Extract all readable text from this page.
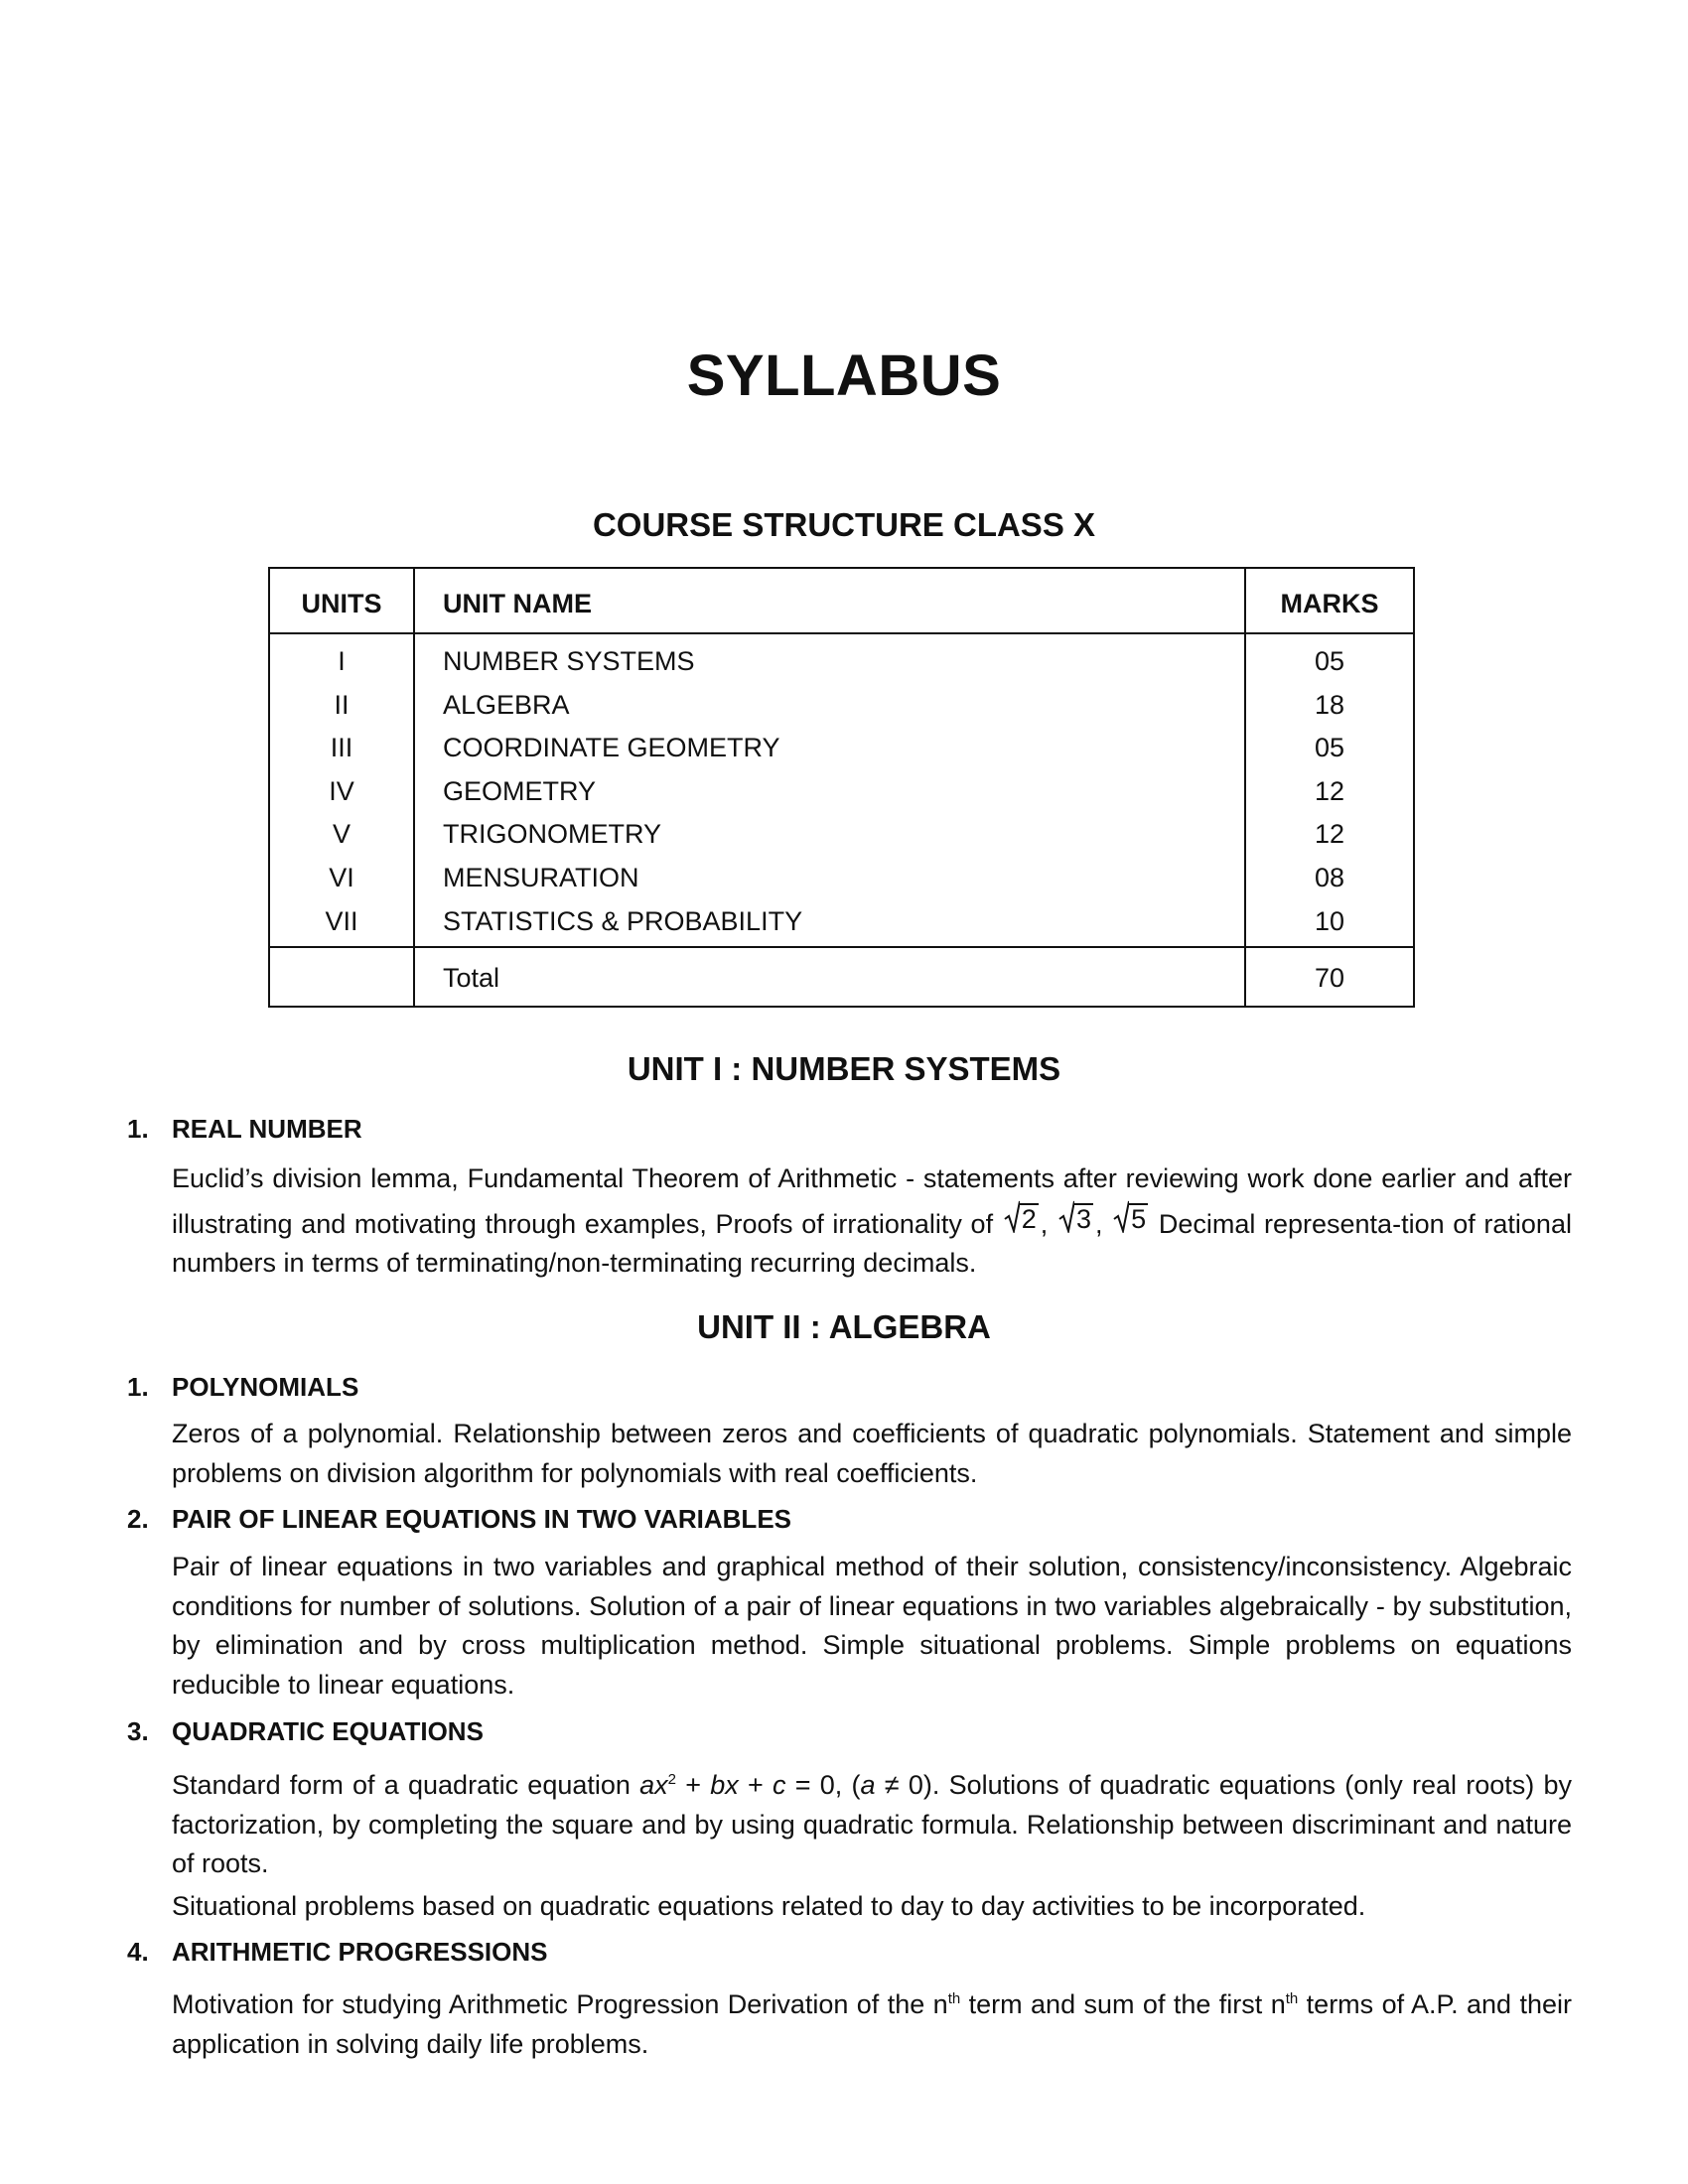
SYLLABUS
COURSE STRUCTURE CLASS X
UNITS	UNIT NAME	MARKS
I	NUMBER SYSTEMS	05
II	ALGEBRA	18
III	COORDINATE GEOMETRY	05
IV	GEOMETRY	12
V	TRIGONOMETRY	12
VI	MENSURATION	08
VII	STATISTICS & PROBABILITY	10
Total	70
UNIT I : NUMBER SYSTEMS
1. REAL NUMBER
Euclid’s division lemma, Fundamental Theorem of Arithmetic - statements after reviewing work done earlier and after illustrating and motivating through examples, Proofs of irrationality of 2 , 3 , 5 Decimal representa-tion of rational numbers in terms of terminating/non-terminating recurring decimals.
UNIT II : ALGEBRA
1. POLYNOMIALS
Zeros of a polynomial. Relationship between zeros and coefficients of quadratic polynomials. Statement and simple problems on division algorithm for polynomials with real coefficients.
2. PAIR OF LINEAR EQUATIONS IN TWO VARIABLES
Pair of linear equations in two variables and graphical method of their solution, consistency/inconsistency. Algebraic conditions for number of solutions. Solution of a pair of linear equations in two variables algebraically - by substitution, by elimination and by cross multiplication method. Simple situational problems. Simple problems on equations reducible to linear equations.
3. QUADRATIC EQUATIONS
Standard form of a quadratic equation $ax^2$ + bx + c = 0, (a ≠ 0). Solutions of quadratic equations (only real roots) by factorization, by completing the square and by using quadratic formula. Relationship between discriminant and nature of roots.
Situational problems based on quadratic equations related to day to day activities to be incorporated.
4. ARITHMETIC PROGRESSIONS
Motivation for studying Arithmetic Progression Derivation of the $n^{th}$ term and sum of the first $n^{th}$ terms of A.P. and their application in solving daily life problems.
